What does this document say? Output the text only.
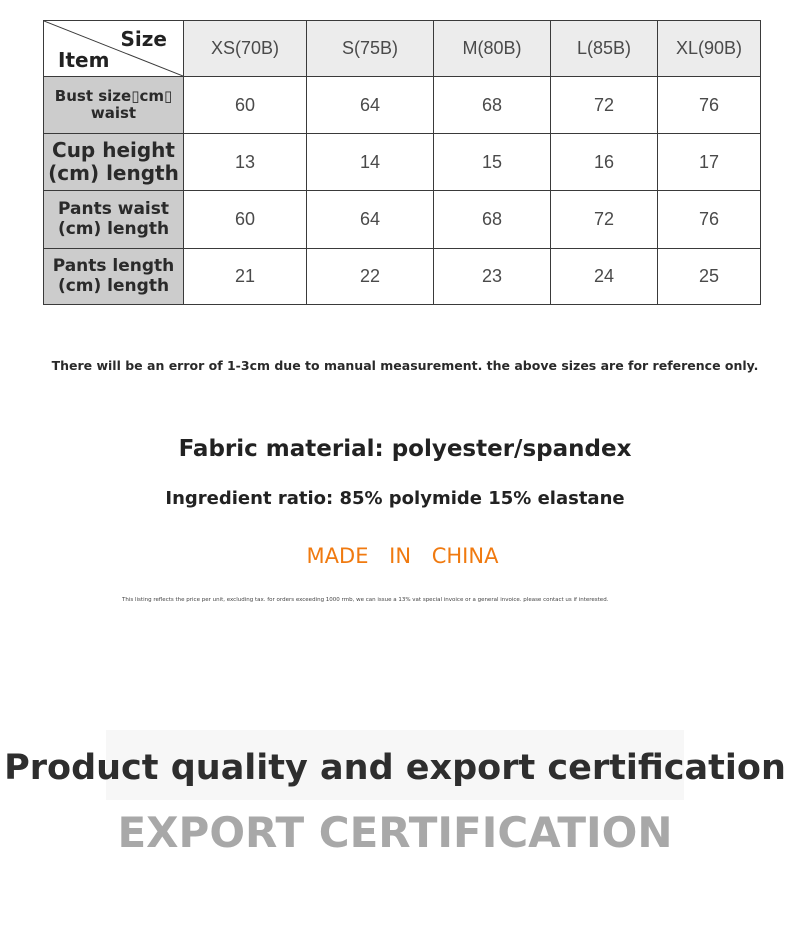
Size
Item	XS(70B)	S(75B)	M(80B)	L(85B)	XL(90B)

Bust size▯cm▯
waist	60	64	68	72	76

Cup height
(cm) length	13	14	15	16	17

Pants waist
(cm) length	60	64	68	72	76

Pants length
(cm) length	21	22	23	24	25
There will be an error of 1-3cm due to manual measurement. the above sizes are for reference only.
Fabric material: polyester/spandex
Ingredient ratio: 85% polymide 15% elastane
MADE IN CHINA
This listing reflects the price per unit, excluding tax. for orders exceeding 1000 rmb, we can issue a 13% vat special invoice or a general invoice. please contact us if interested.
Product quality and export certification
EXPORT CERTIFICATION
